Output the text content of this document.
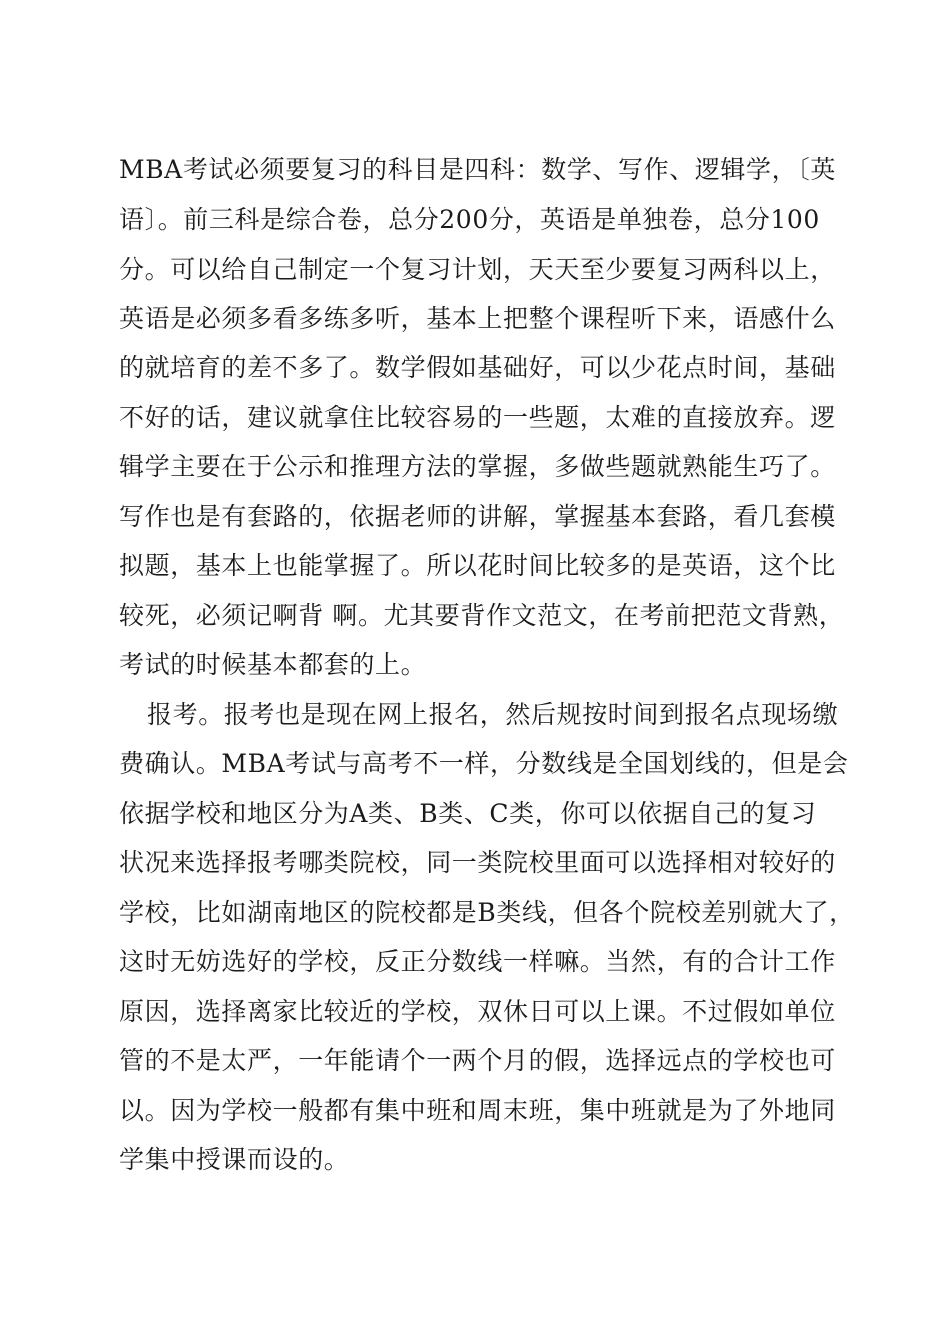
MBA考试必须要复习的科目是四科：数学、写作、逻辑学，〔英
语〕。前三科是综合卷，总分200分，英语是单独卷，总分100
分。可以给自己制定一个复习计划，天天至少要复习两科以上，
英语是必须多看多练多听，基本上把整个课程听下来，语感什么
的就培育的差不多了。数学假如基础好，可以少花点时间，基础
不好的话，建议就拿住比较容易的一些题，太难的直接放弃。逻
辑学主要在于公示和推理方法的掌握，多做些题就熟能生巧了。
写作也是有套路的，依据老师的讲解，掌握基本套路，看几套模
拟题，基本上也能掌握了。所以花时间比较多的是英语，这个比
较死，必须记啊背 啊。尤其要背作文范文，在考前把范文背熟，
考试的时候基本都套的上。
报考。报考也是现在网上报名，然后规按时间到报名点现场缴
费确认。MBA考试与高考不一样，分数线是全国划线的，但是会
依据学校和地区分为A类、B类、C类，你可以依据自己的复习
状况来选择报考哪类院校，同一类院校里面可以选择相对较好的
学校，比如湖南地区的院校都是B类线，但各个院校差别就大了，
这时无妨选好的学校，反正分数线一样嘛。当然，有的合计工作
原因，选择离家比较近的学校，双休日可以上课。不过假如单位
管的不是太严，一年能请个一两个月的假，选择远点的学校也可
以。因为学校一般都有集中班和周末班，集中班就是为了外地同
学集中授课而设的。
